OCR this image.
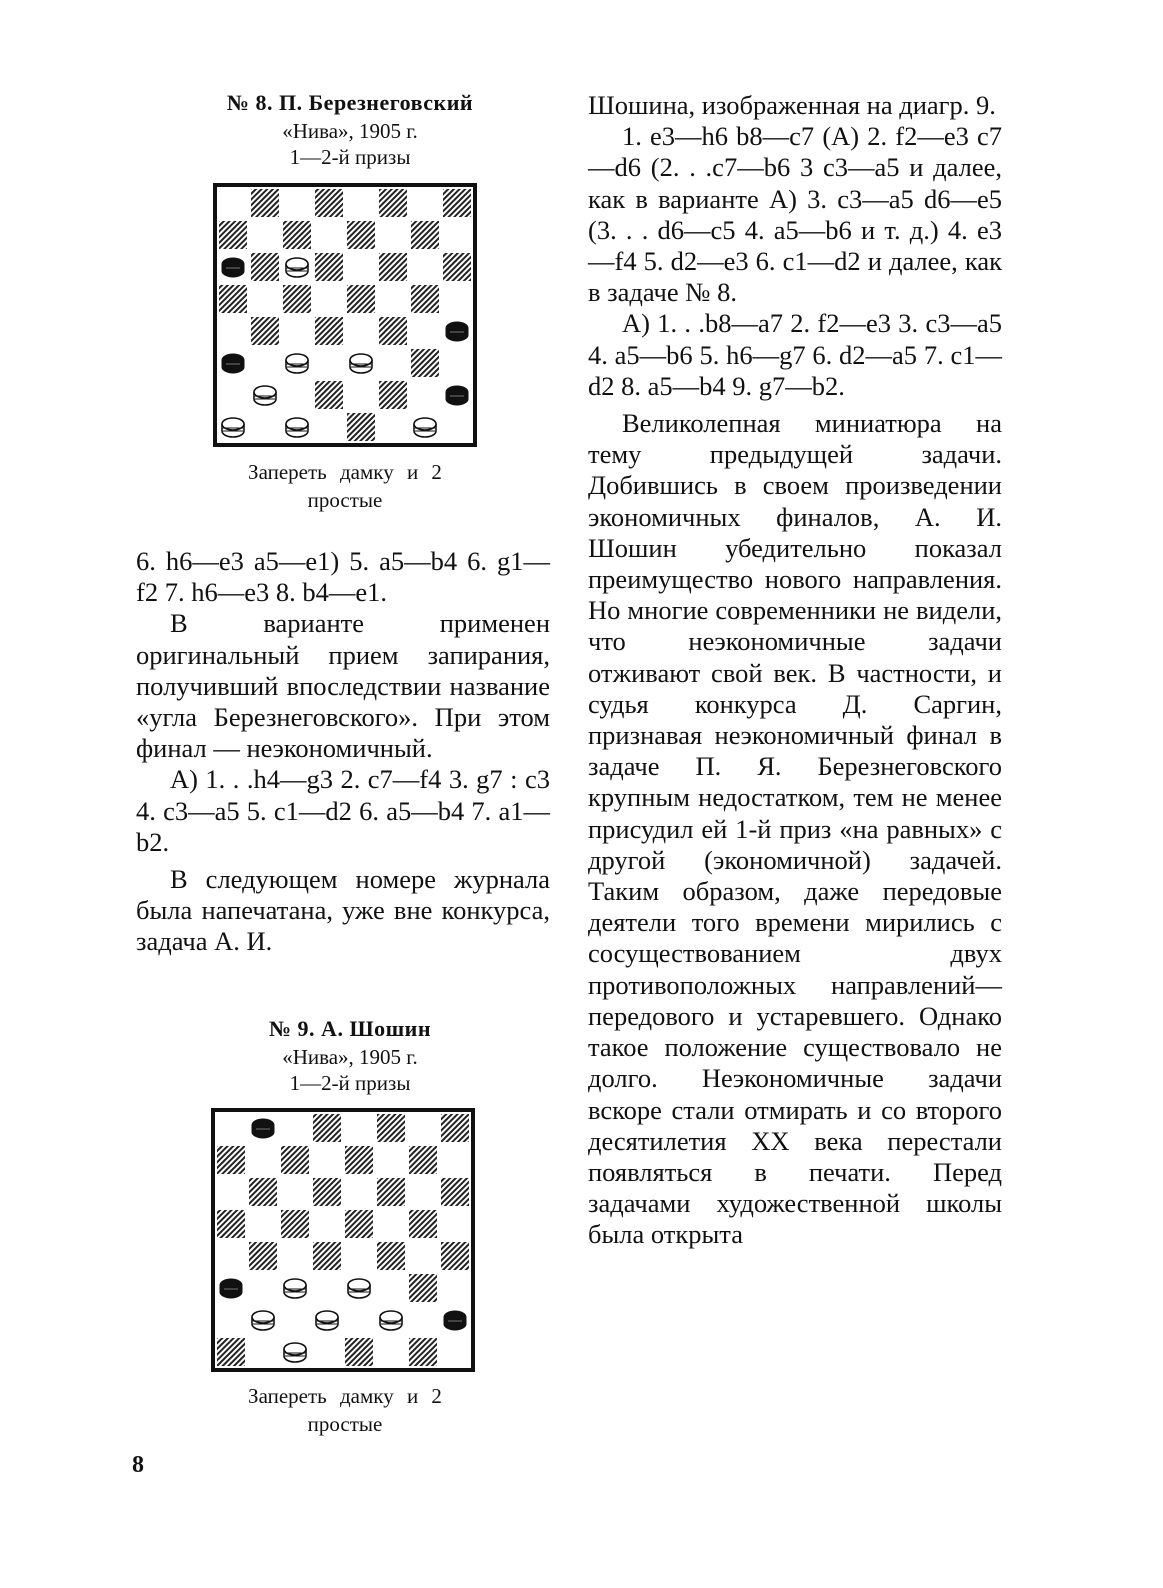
№ 8. П. Березнеговский
«Нива», 1905 г.
1—2-й призы
Запереть дамку и 2
простые

6. h6—e3 a5—e1) 5. a5—b4 6. g1—f2 7. h6—e3 8. b4—e1.

В варианте применен оригинальный прием запирания, получивший впоследствии название «угла Березнеговского». При этом финал — неэкономичный.

А) 1. . .h4—g3 2. c7—f4 3. g7 : c3 4. c3—a5 5. c1—d2 6. a5—b4 7. a1—b2.

В следующем номере журнала была напечатана, уже вне конкурса, задача А. И.

№ 9. А. Шошин
«Нива», 1905 г.
1—2-й призы
Запереть дамку и 2
простые

Шошина, изображенная на диагр. 9.

1. e3—h6 b8—c7 (А) 2. f2—e3 c7—d6 (2. . .c7—b6 3 c3—a5 и далее, как в варианте А) 3. c3—a5 d6—e5 (3. . . d6—c5 4. a5—b6 и т. д.) 4. e3—f4 5. d2—e3 6. c1—d2 и далее, как в задаче № 8.

А) 1. . .b8—a7 2. f2—e3 3. c3—a5 4. a5—b6 5. h6—g7 6. d2—a5 7. c1—d2 8. a5—b4 9. g7—b2.

Великолепная миниатюра на тему предыдущей задачи. Добившись в своем произведении экономичных финалов, А. И. Шошин убедительно показал преимущество нового направления. Но многие современники не видели, что неэкономичные задачи отживают свой век. В частности, и судья конкурса Д. Саргин, признавая неэкономичный финал в задаче П. Я. Березнеговского крупным недостатком, тем не менее присудил ей 1-й приз «на равных» с другой (экономичной) задачей. Таким образом, даже передовые деятели того времени мирились с сосуществованием двух противоположных направлений— передового и устаревшего. Однако такое положение существовало не долго. Неэкономичные задачи вскоре стали отмирать и со второго десятилетия XX века перестали появляться в печати. Перед задачами художественной школы была открыта

8
